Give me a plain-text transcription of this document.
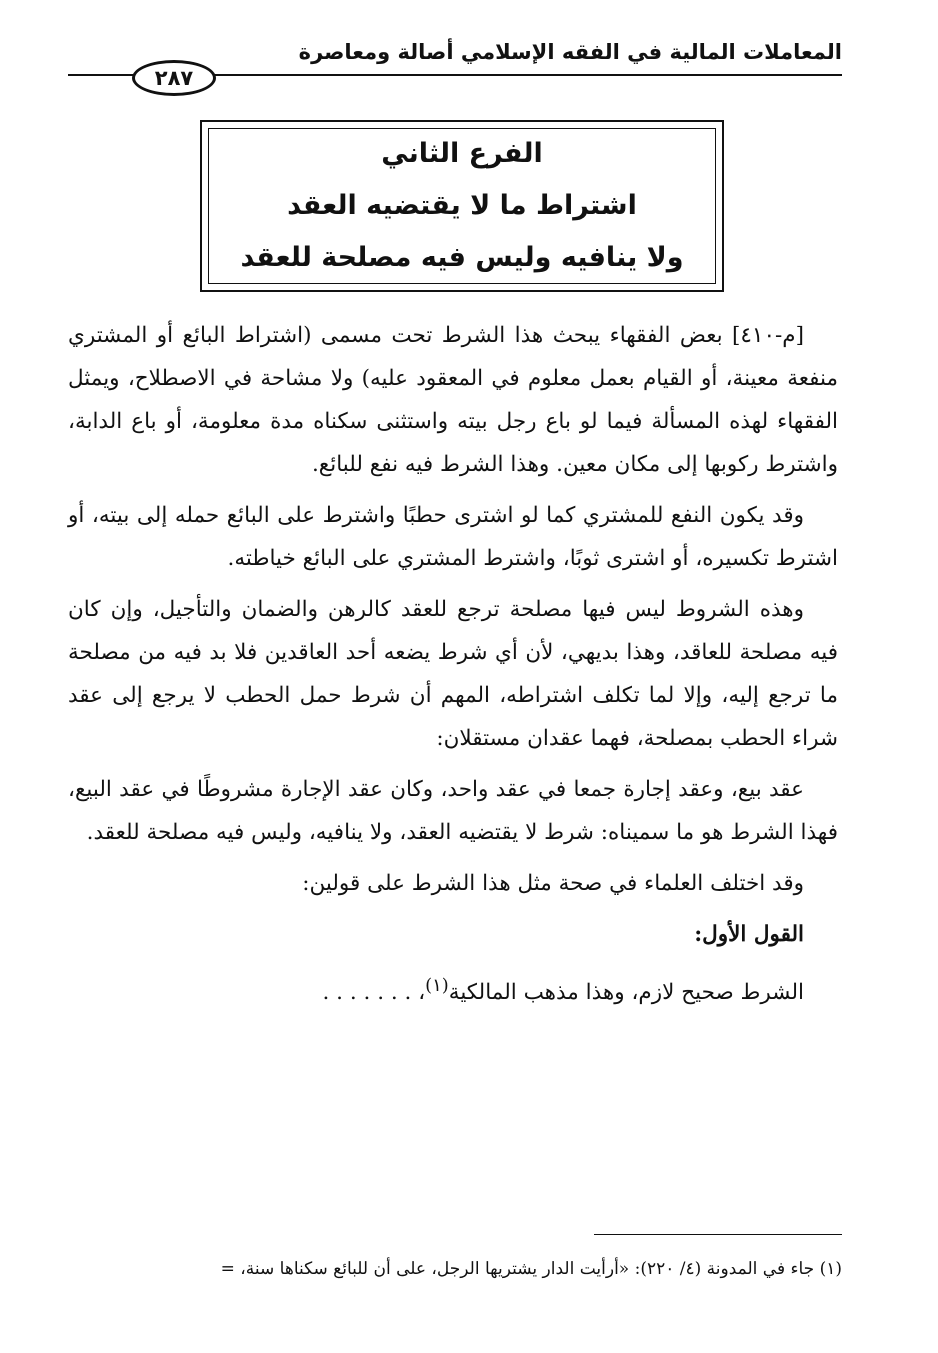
المعاملات المالية في الفقه الإسلامي أصالة ومعاصرة
٢٨٧
الفرع الثاني
اشتراط ما لا يقتضيه العقد
ولا ينافيه وليس فيه مصلحة للعقد

[م-٤١٠] بعض الفقهاء يبحث هذا الشرط تحت مسمى (اشتراط البائع أو المشتري منفعة معينة، أو القيام بعمل معلوم في المعقود عليه) ولا مشاحة في الاصطلاح، ويمثل الفقهاء لهذه المسألة فيما لو باع رجل بيته واستثنى سكناه مدة معلومة، أو باع الدابة، واشترط ركوبها إلى مكان معين. وهذا الشرط فيه نفع للبائع.

وقد يكون النفع للمشتري كما لو اشترى حطبًا واشترط على البائع حمله إلى بيته، أو اشترط تكسيره، أو اشترى ثوبًا، واشترط المشتري على البائع خياطته.

وهذه الشروط ليس فيها مصلحة ترجع للعقد كالرهن والضمان والتأجيل، وإن كان فيه مصلحة للعاقد، وهذا بديهي، لأن أي شرط يضعه أحد العاقدين فلا بد فيه من مصلحة ما ترجع إليه، وإلا لما تكلف اشتراطه، المهم أن شرط حمل الحطب لا يرجع إلى عقد شراء الحطب بمصلحة، فهما عقدان مستقلان:

عقد بيع، وعقد إجارة جمعا في عقد واحد، وكان عقد الإجارة مشروطًا في عقد البيع، فهذا الشرط هو ما سميناه: شرط لا يقتضيه العقد، ولا ينافيه، وليس فيه مصلحة للعقد.

وقد اختلف العلماء في صحة مثل هذا الشرط على قولين:

القول الأول:

الشرط صحيح لازم، وهذا مذهب المالكية$^{(١)}$، . . . . . . .

(١) جاء في المدونة (٤/ ٢٢٠): «أرأيت الدار يشتريها الرجل، على أن للبائع سكناها سنة، =
